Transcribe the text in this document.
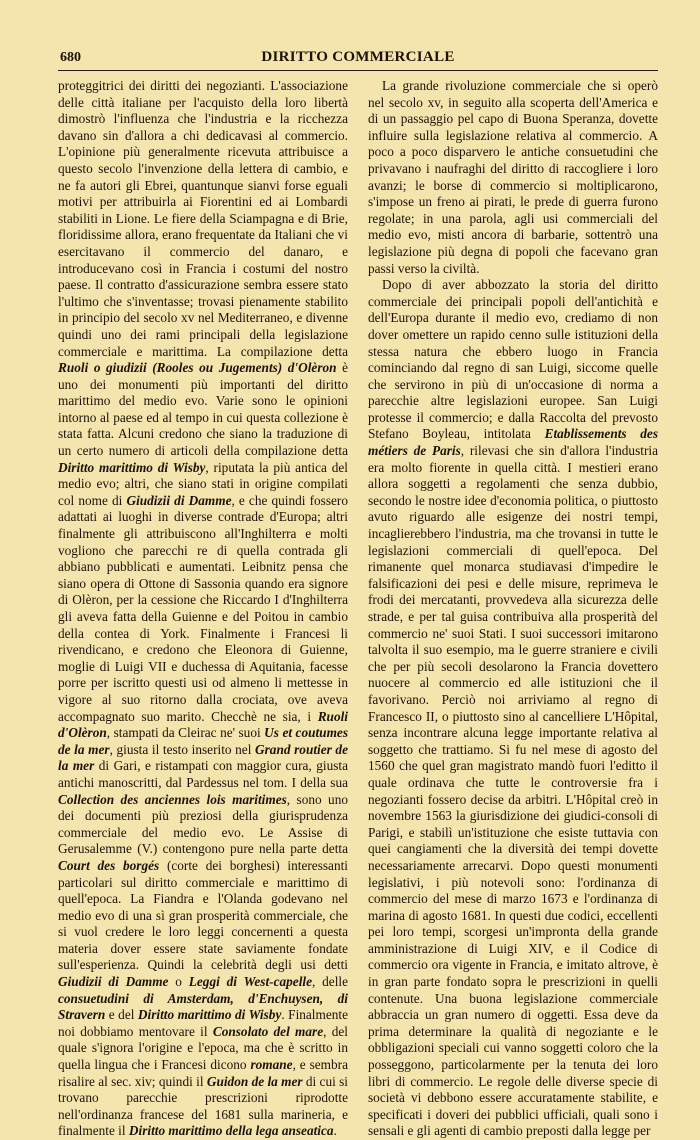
680	DIRITTO COMMERCIALE

proteggitrici dei diritti dei negozianti. L'associazione delle città italiane per l'acquisto della loro libertà dimostrò l'influenza che l'industria e la ricchezza davano sin d'allora a chi dedicavasi al commercio. L'opinione più generalmente ricevuta attribuisce a questo secolo l'invenzione della lettera di cambio, e ne fa autori gli Ebrei, quantunque sianvi forse eguali motivi per attribuirla ai Fiorentini ed ai Lombardi stabiliti in Lione. Le fiere della Sciampagna e di Brie, floridissime allora, erano frequentate da Italiani che vi esercitavano il commercio del danaro, e introducevano così in Francia i costumi del nostro paese. Il contratto d'assicurazione sembra essere stato l'ultimo che s'inventasse; trovasi pienamente stabilito in principio del secolo xv nel Mediterraneo, e divenne quindi uno dei rami principali della legislazione commerciale e marittima. La compilazione detta Ruoli o giudizii (Rooles ou Jugements) d'Olèron è uno dei monumenti più importanti del diritto marittimo del medio evo. Varie sono le opinioni intorno al paese ed al tempo in cui questa collezione è stata fatta. Alcuni credono che siano la traduzione di un certo numero di articoli della compilazione detta Diritto marittimo di Wisby, riputata la più antica del medio evo; altri, che siano stati in origine compilati col nome di Giudizii di Damme, e che quindi fossero adattati ai luoghi in diverse contrade d'Europa; altri finalmente gli attribuiscono all'Inghilterra e molti vogliono che parecchi re di quella contrada gli abbiano pubblicati e aumentati. Leibnitz pensa che siano opera di Ottone di Sassonia quando era signore di Olèron, per la cessione che Riccardo I d'Inghilterra gli aveva fatta della Guienne e del Poitou in cambio della contea di York. Finalmente i Francesi li rivendicano, e credono che Eleonora di Guienne, moglie di Luigi VII e duchessa di Aquitania, facesse porre per iscritto questi usi od almeno li mettesse in vigore al suo ritorno dalla crociata, ove aveva accompagnato suo marito. Checchè ne sia, i Ruoli d'Olèron, stampati da Cleirac ne' suoi Us et coutumes de la mer, giusta il testo inserito nel Grand routier de la mer di Gari, e ristampati con maggior cura, giusta antichi manoscritti, dal Pardessus nel tom. I della sua Collection des anciennes lois maritimes, sono uno dei documenti più preziosi della giurisprudenza commerciale del medio evo. Le Assise di Gerusalemme (V.) contengono pure nella parte detta Court des borgés (corte dei borghesi) interessanti particolari sul diritto commerciale e marittimo di quell'epoca. La Fiandra e l'Olanda godevano nel medio evo di una sì gran prosperità commerciale, che si vuol credere le loro leggi concernenti a questa materia dover essere state saviamente fondate sull'esperienza. Quindi la celebrità degli usi detti Giudizii di Damme o Leggi di West-capelle, delle consuetudini di Amsterdam, d'Enchuysen, di Stravern e del Diritto marittimo di Wisby. Finalmente noi dobbiamo mentovare il Consolato del mare, del quale s'ignora l'origine e l'epoca, ma che è scritto in quella lingua che i Francesi dicono romane, e sembra risalire al sec. xiv; quindi il Guidon de la mer di cui si trovano parecchie prescrizioni riprodotte nell'ordinanza francese del 1681 sulla marineria, e finalmente il Diritto marittimo della lega anseatica.

La grande rivoluzione commerciale che si operò nel secolo xv, in seguito alla scoperta dell'America e di un passaggio pel capo di Buona Speranza, dovette influire sulla legislazione relativa al commercio. A poco a poco disparvero le antiche consuetudini che privavano i naufraghi del diritto di raccogliere i loro avanzi; le borse di commercio si moltiplicarono, s'impose un freno ai pirati, le prede di guerra furono regolate; in una parola, agli usi commerciali del medio evo, misti ancora di barbarie, sottentrò una legislazione più degna di popoli che facevano gran passi verso la civiltà.

Dopo di aver abbozzato la storia del diritto commerciale dei principali popoli dell'antichità e dell'Europa durante il medio evo, crediamo di non dover omettere un rapido cenno sulle istituzioni della stessa natura che ebbero luogo in Francia cominciando dal regno di san Luigi, siccome quelle che servirono in più di un'occasione di norma a parecchie altre legislazioni europee. San Luigi protesse il commercio; e dalla Raccolta del prevosto Stefano Boyleau, intitolata Etablissements des métiers de Paris, rilevasi che sin d'allora l'industria era molto fiorente in quella città. I mestieri erano allora soggetti a regolamenti che senza dubbio, secondo le nostre idee d'economia politica, o piuttosto avuto riguardo alle esigenze dei nostri tempi, incaglierebbero l'industria, ma che trovansi in tutte le legislazioni commerciali di quell'epoca. Del rimanente quel monarca studiavasi d'impedire le falsificazioni dei pesi e delle misure, reprimeva le frodi dei mercatanti, provvedeva alla sicurezza delle strade, e per tal guisa contribuiva alla prosperità del commercio ne' suoi Stati. I suoi successori imitarono talvolta il suo esempio, ma le guerre straniere e civili che per più secoli desolarono la Francia dovettero nuocere al commercio ed alle istituzioni che il favorivano. Perciò noi arriviamo al regno di Francesco II, o piuttosto sino al cancelliere L'Hôpital, senza incontrare alcuna legge importante relativa al soggetto che trattiamo. Si fu nel mese di agosto del 1560 che quel gran magistrato mandò fuori l'editto il quale ordinava che tutte le controversie fra i negozianti fossero decise da arbitri. L'Hôpital creò in novembre 1563 la giurisdizione dei giudici-consoli di Parigi, e stabilì un'istituzione che esiste tuttavia con quei cangiamenti che la diversità dei tempi dovette necessariamente arrecarvi. Dopo questi monumenti legislativi, i più notevoli sono: l'ordinanza di commercio del mese di marzo 1673 e l'ordinanza di marina di agosto 1681. In questi due codici, eccellenti pei loro tempi, scorgesi un'impronta della grande amministrazione di Luigi XIV, e il Codice di commercio ora vigente in Francia, e imitato altrove, è in gran parte fondato sopra le prescrizioni in quelli contenute. Una buona legislazione commerciale abbraccia un gran numero di oggetti. Essa deve da prima determinare la qualità di negoziante e le obbligazioni speciali cui vanno soggetti coloro che la posseggono, particolarmente per la tenuta dei loro libri di commercio. Le regole delle diverse specie di società vi debbono essere accuratamente stabilite, e specificati i doveri dei pubblici ufficiali, quali sono i sensali e gli agenti di cambio preposti dalla legge per
